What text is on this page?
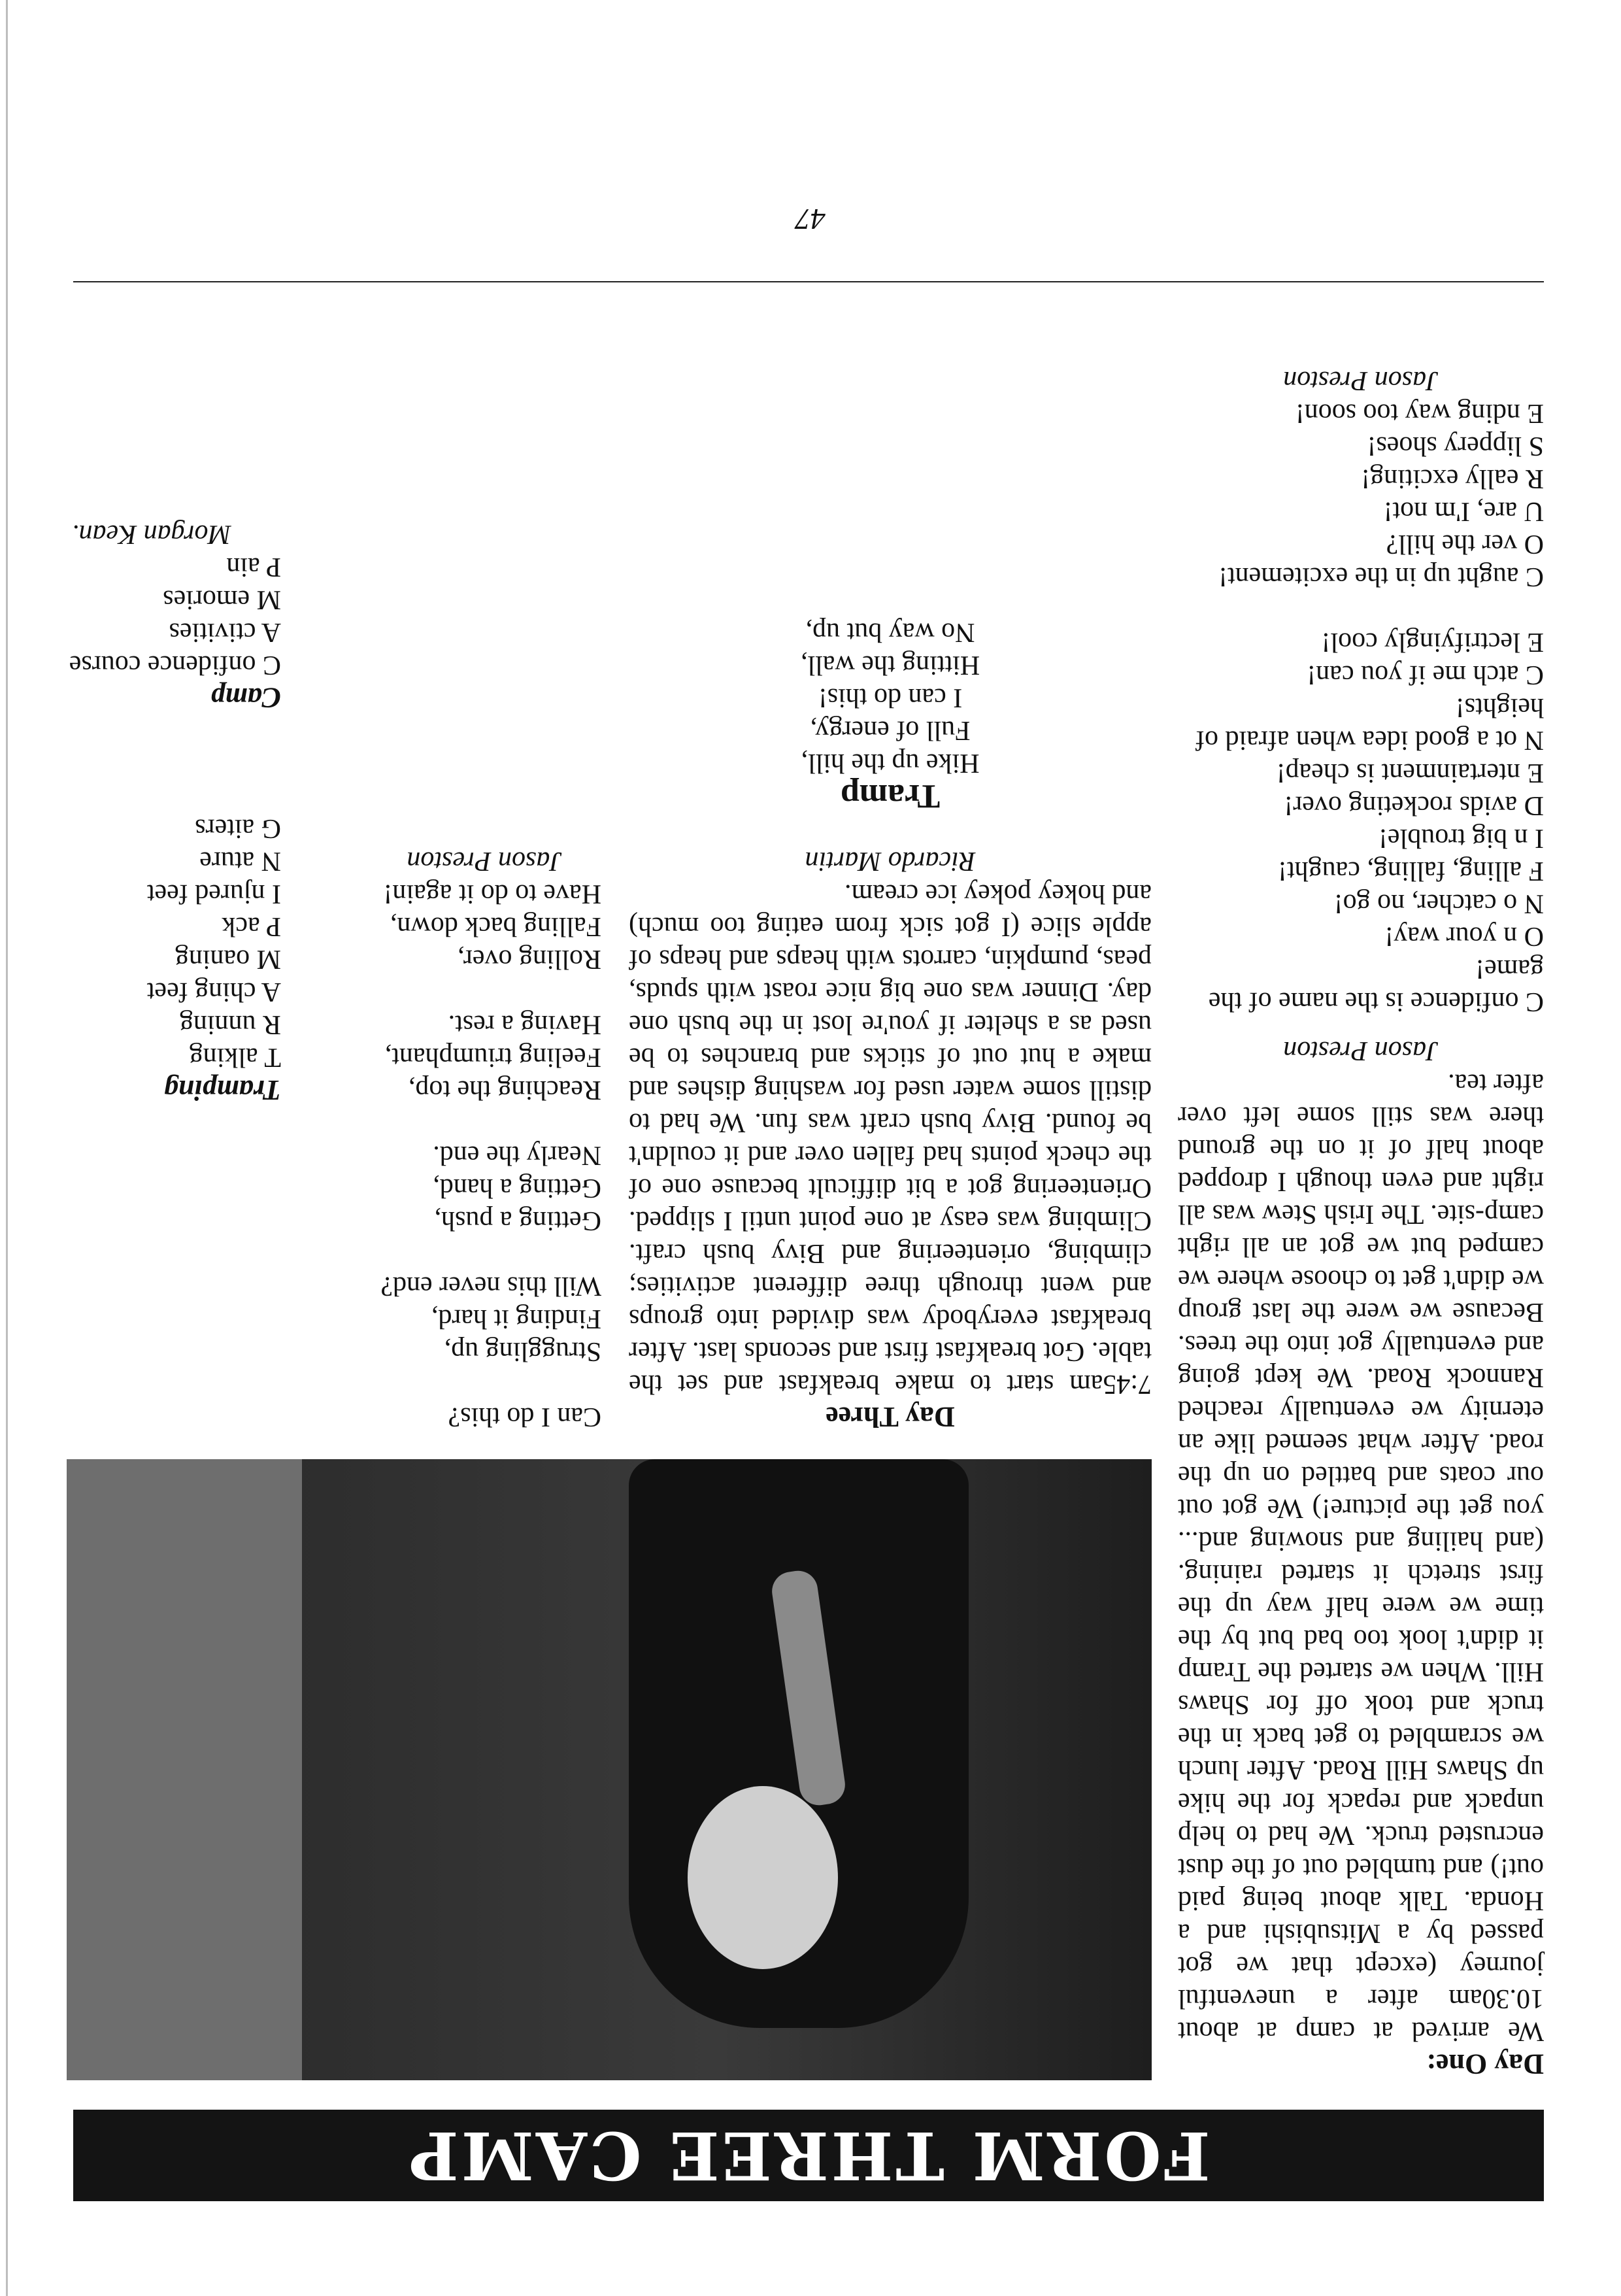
FORM THREE CAMP

Day One:

We arrived at camp at about 10.30am after a uneventful journey (except that we got passed by a Mitsubishi and a Honda. Talk about being paid out!) and tumbled out of the dust encrusted truck. We had to help unpack and repack for the hike up Shaws Hill Road. After lunch we scrambled to get back in the truck and took off for Shaws Hill. When we started the Tramp it didn't look too bad but by the time we were half way up the first stretch it started raining. (and hailing and snowing and... you get the picture!) We got out our coats and battled on up the road. After what seemed like an eternity we eventually reached Rannock Road. We kept going and eventually got into the trees. Because we were the last group we didn't get to choose where we camped but we got an all right camp-site. The Irish Stew was all right and even though I dropped about half of it on the ground there was still some left over after tea.

Jason Preston

C onfidence is the name of the game!

O n your way!

N o catcher, no go!

F alling, falling, caught!

I n big trouble!

D avids rocketing over!

E ntertainment is cheap!

N ot a good idea when afraid of heights!

C atch me if you can!

E lectrifyingly cool!

C aught up in the excitement!

O ver the hill?

U are, I'm not!

R eally exciting!

S lippery shoes!

E nding way too soon!

Jason Preston

Day Three

7:45am start to make breakfast and set the table. Got breakfast first and seconds last. After breakfast everybody was divided into groups and went through three different activities; climbing, orienteering and Bivy bush craft. Climbing was easy at one point until I slipped. Orienteering got a bit difficult because one of the check points had fallen over and it couldn't be found. Bivy bush craft was fun. We had to distill some water used for washing dishes and make a hut out of sticks and branches to be used as a shelter if you're lost in the bush one day. Dinner was one big nice roast with spuds, peas, pumpkin, carrots with heaps and heaps of apple slice (I got sick from eating too much) and hokey pokey ice cream.

Ricardo Martin

Tramp

Hike up the hill,

Full of energy,

I can do this!

Hitting the wall,

No way but up,

Can I do this?

Struggling up,

Finding it hard,

Will this never end?

Getting a push,

Getting a hand,

Nearly the end.

Reaching the top,

Feeling triumphant,

Having a rest.

Rolling over,

Falling back down,

Have to do it again!

Jason Preston

Tramping

T alking

R unning

A ching feet

M oaning

P ack

I njured feet

N ature

G aiters

Camp

C onfidence course

A ctivities

M emories

P ain

Morgan Kean.

47
